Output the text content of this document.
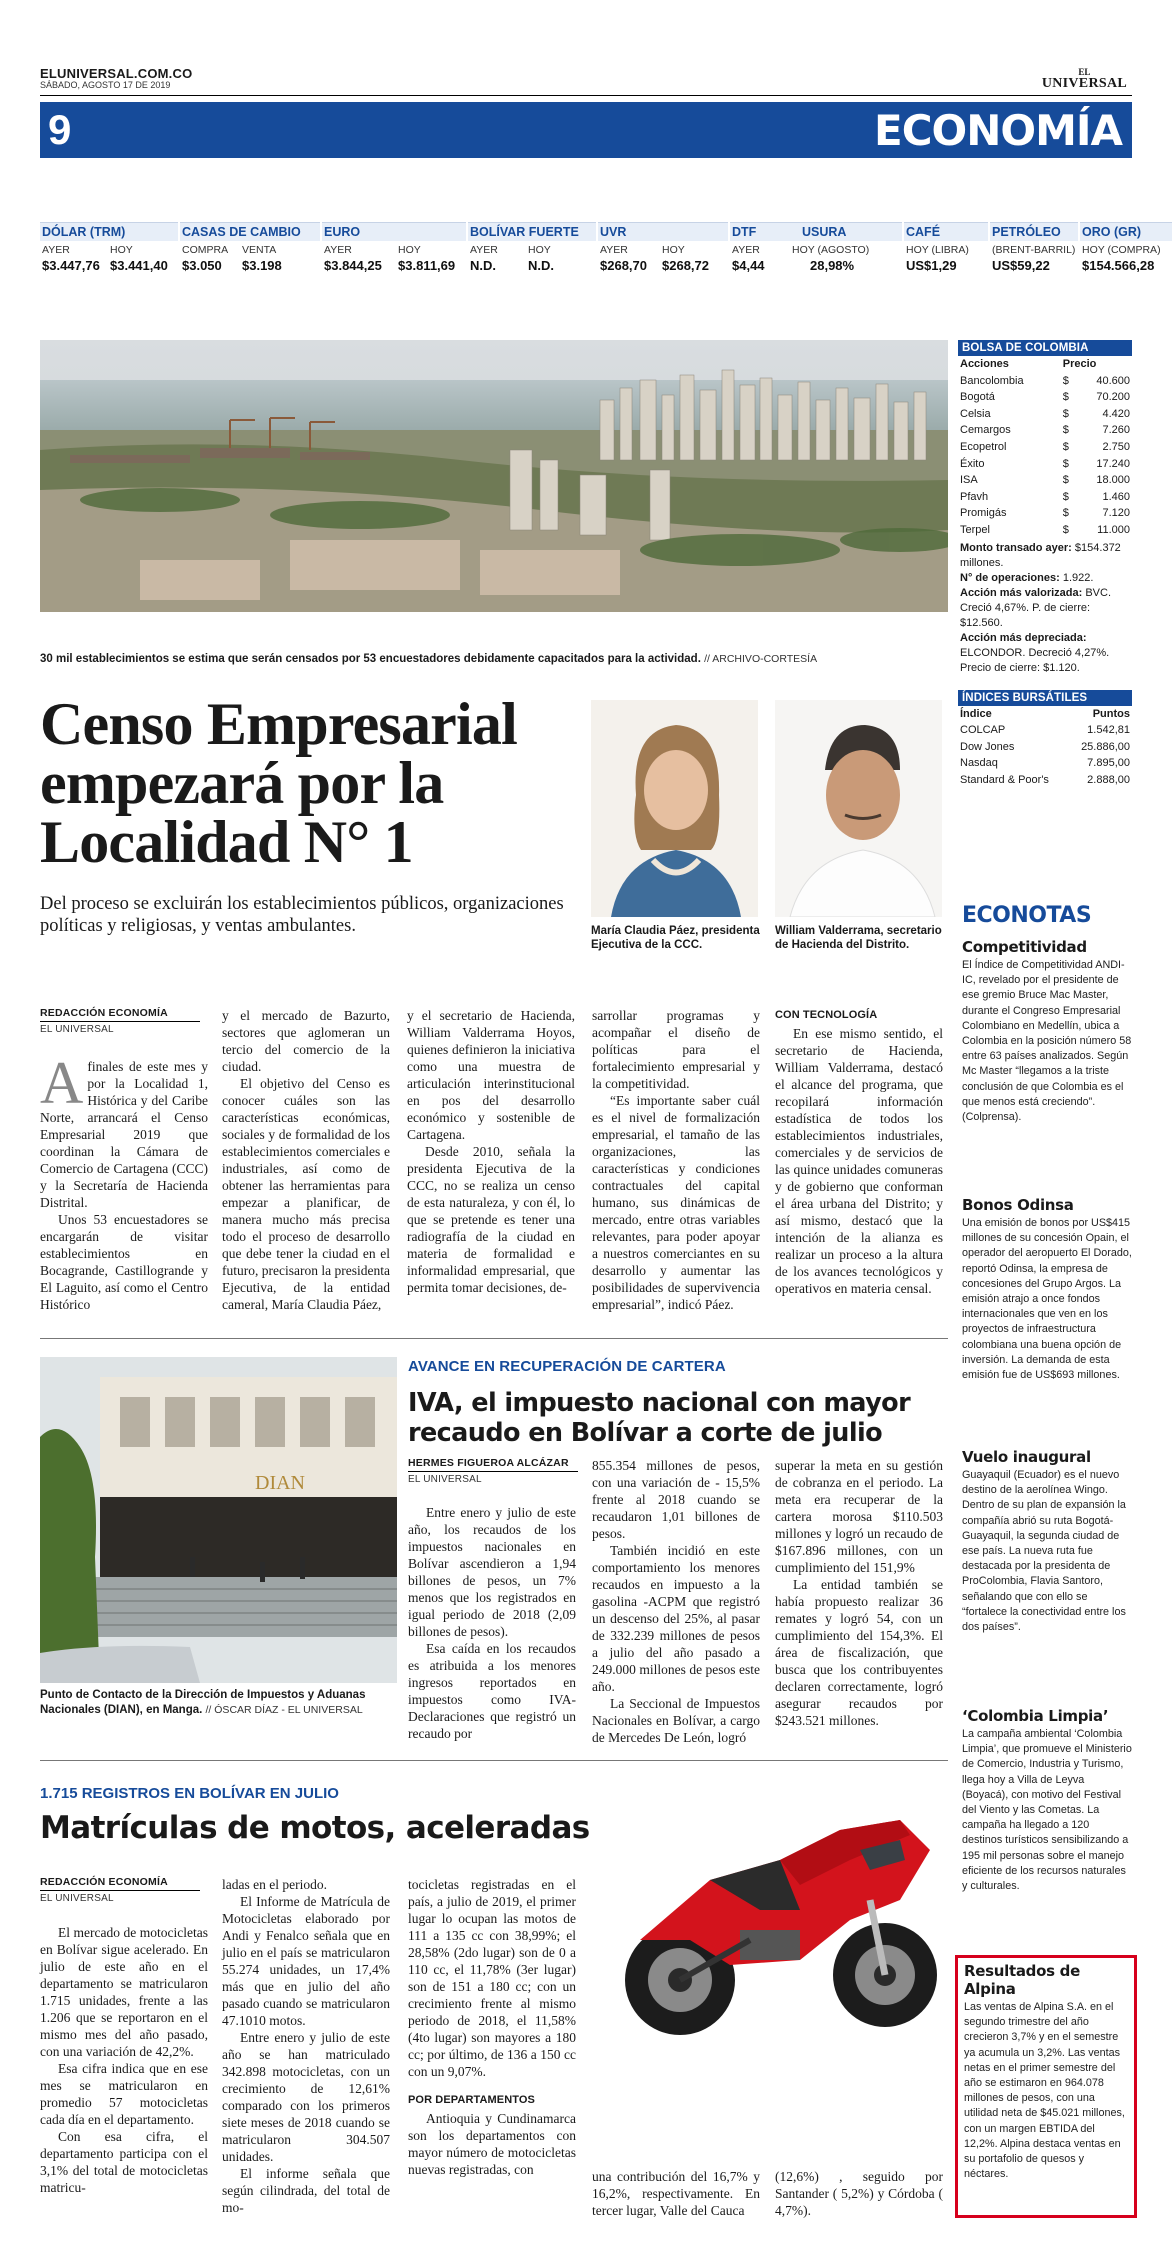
ELUNIVERSAL.COM.CO
SÁBADO, AGOSTO 17 DE 2019
EL
UNIVERSAL
9	ECONOMÍA
DÓLAR (TRM)
AYER	HOY
$3.447,76 $3.441,40
CASAS DE CAMBIO
COMPRA	VENTA
$3.050	$3.198
EURO
AYER	HOY
$3.844,25	$3.811,69
BOLÍVAR FUERTE
AYER	HOY
N.D.	N.D.
UVR
AYER	HOY
$268,70	$268,72
DTF
AYER
$4,44
USURA
HOY (AGOSTO)
28,98%
CAFÉ
HOY (LIBRA)
US$1,29
PETRÓLEO
(BRENT-BARRIL)
US$59,22
ORO (GR)
HOY (COMPRA)
$154.566,28
30 mil establecimientos se estima que serán censados por 53 encuestadores debidamente capacitados para la actividad. // ARCHIVO-CORTESÍA
Censo Empresarial empezará por la Localidad N° 1
Del proceso se excluirán los establecimientos públicos, organizaciones políticas y religiosas, y ventas ambulantes.	María Claudia Páez, presidenta Ejecutiva de la CCC.
William Valderrama, secretario de Hacienda del Distrito.
REDACCIÓN ECONOMÍA
EL UNIVERSAL

Afinales de este mes y por la Localidad 1, Histórica y del Caribe Norte, arrancará el Censo Empresarial 2019 que coordinan la Cámara de Comercio de Cartagena (CCC) y la Secretaría de Hacienda Distrital.

Unos 53 encuestadores se encargarán de visitar establecimientos en Bocagrande, Castillogrande y El Laguito, así como el Centro Histórico

y el mercado de Bazurto, sectores que aglomeran un tercio del comercio de la ciudad.

El objetivo del Censo es conocer cuáles son las características económicas, sociales y de formalidad de los establecimientos comerciales e industriales, así como de obtener las herramientas para empezar a planificar, de manera mucho más precisa todo el proceso de desarrollo que debe tener la ciudad en el futuro, precisaron la presidenta Ejecutiva, de la entidad cameral, María Claudia Páez,

y el secretario de Hacienda, William Valderrama Hoyos, quienes definieron la iniciativa como una muestra de articulación interinstitucional en pos del desarrollo económico y sostenible de Cartagena.

Desde 2010, señala la presidenta Ejecutiva de la CCC, no se realiza un censo de esta naturaleza, y con él, lo que se pretende es tener una radiografía de la ciudad en materia de formalidad e informalidad empresarial, que permita tomar decisiones, de-

sarrollar programas y acompañar el diseño de políticas para el fortalecimiento empresarial y la competitividad.

“Es importante saber cuál es el nivel de formalización empresarial, el tamaño de las organizaciones, las características y condiciones contractuales del capital humano, sus dinámicas de mercado, entre otras variables relevantes, para poder apoyar a nuestros comerciantes en su desarrollo y aumentar las posibilidades de supervivencia empresarial”, indicó Páez.

CON TECNOLOGÍA

En ese mismo sentido, el secretario de Hacienda, William Valderrama, destacó el alcance del programa, que recopilará información estadística de todos los establecimientos industriales, comerciales y de servicios de las quince unidades comuneras y de gobierno que conforman el área urbana del Distrito; y así mismo, destacó que la intención de la alianza es realizar un proceso a la altura de los avances tecnológicos y operativos en materia censal.

DIAN
Punto de Contacto de la Dirección de Impuestos y Aduanas Nacionales (DIAN), en Manga. // ÓSCAR DÍAZ - EL UNIVERSAL
AVANCE EN RECUPERACIÓN DE CARTERA
IVA, el impuesto nacional con mayor recaudo en Bolívar a corte de julio
HERMES FIGUEROA ALCÁZAR
EL UNIVERSAL

Entre enero y julio de este año, los recaudos de los impuestos nacionales en Bolívar ascendieron a 1,94 billones de pesos, un 7% menos que los registrados en igual periodo de 2018 (2,09 billones de pesos).

Esa caída en los recaudos es atribuida a los menores ingresos reportados en impuestos como IVA-Declaraciones que registró un recaudo por

855.354 millones de pesos, con una variación de - 15,5% frente al 2018 cuando se recaudaron 1,01 billones de pesos.

También incidió en este comportamiento los menores recaudos en impuesto a la gasolina -ACPM que registró un descenso del 25%, al pasar de 332.239 millones de pesos a julio del año pasado a 249.000 millones de pesos este año.

La Seccional de Impuestos Nacionales en Bolívar, a cargo de Mercedes De León, logró

superar la meta en su gestión de cobranza en el periodo. La meta era recuperar de la cartera morosa $110.503 millones y logró un recaudo de $167.896 millones, con un cumplimiento del 151,9%

La entidad también se había propuesto realizar 36 remates y logró 54, con un cumplimiento del 154,3%. El área de fiscalización, que busca que los contribuyentes declaren correctamente, logró asegurar recaudos por $243.521 millones.

1.715 REGISTROS EN BOLÍVAR EN JULIO
Matrículas de motos, aceleradas
REDACCIÓN ECONOMÍA
EL UNIVERSAL

El mercado de motocicletas en Bolívar sigue acelerado. En julio de este año en el departamento se matricularon 1.715 unidades, frente a las 1.206 que se reportaron en el mismo mes del año pasado, con una variación de 42,2%.

Esa cifra indica que en ese mes se matricularon en promedio 57 motocicletas cada día en el departamento.

Con esa cifra, el departamento participa con el 3,1% del total de motocicletas matricu-

ladas en el periodo.

El Informe de Matrícula de Motocicletas elaborado por Andi y Fenalco señala que en julio en el país se matricularon 55.274 unidades, un 17,4% más que en julio del año pasado cuando se matricularon 47.1010 motos.

Entre enero y julio de este año se han matriculado 342.898 motocicletas, con un crecimiento de 12,61% comparado con los primeros siete meses de 2018 cuando se matricularon 304.507 unidades.

El informe señala que según cilindrada, del total de mo-

tocicletas registradas en el país, a julio de 2019, el primer lugar lo ocupan las motos de 111 a 135 cc con 38,99%; el 28,58% (2do lugar) son de 0 a 110 cc, el 11,78% (3er lugar) son de 151 a 180 cc; con un crecimiento frente al mismo periodo de 2018, el 11,58% (4to lugar) son mayores a 180 cc; por último, de 136 a 150 cc con un 9,07%.

POR DEPARTAMENTOS

Antioquia y Cundinamarca son los departamentos con mayor número de motocicletas nuevas registradas, con	una contribución del 16,7% y 16,2%, respectivamente. En tercer lugar, Valle del Cauca

(12,6%) , seguido por Santander ( 5,2%) y Córdoba ( 4,7%).

BOLSA DE COLOMBIA
Acciones	Precio	
Bancolombia	$	40.600
Bogotá	$	70.200
Celsia	$	4.420
Cemargos	$	7.260
Ecopetrol	$	2.750
Éxito	$	17.240
ISA	$	18.000
Pfavh	$	1.460
Promigás	$	7.120
Terpel	$	11.000
Monto transado ayer: $154.372 millones.
N° de operaciones: 1.922.
Acción más valorizada: BVC. Creció 4,67%. P. de cierre: $12.560.
Acción más depreciada: ELCONDOR. Decreció 4,27%. Precio de cierre: $1.120.
ÍNDICES BURSÁTILES
Índice	Puntos
COLCAP	1.542,81
Dow Jones	25.886,00
Nasdaq	7.895,00
Standard & Poor's	2.888,00
ECONOTAS
Competitividad
El Índice de Competitividad ANDI-IC, revelado por el presidente de ese gremio Bruce Mac Master, durante el Congreso Empresarial Colombiano en Medellín, ubica a Colombia en la posición número 58 entre 63 países analizados. Según Mc Master “llegamos a la triste conclusión de que Colombia es el que menos está creciendo”. (Colprensa).
Bonos Odinsa
Una emisión de bonos por US$415 millones de su concesión Opain, el operador del aeropuerto El Dorado, reportó Odinsa, la empresa de concesiones del Grupo Argos. La emisión atrajo a once fondos internacionales que ven en los proyectos de infraestructura colombiana una buena opción de inversión. La demanda de esta emisión fue de US$693 millones.
Vuelo inaugural
Guayaquil (Ecuador) es el nuevo destino de la aerolínea Wingo. Dentro de su plan de expansión la compañía abrió su ruta Bogotá-Guayaquil, la segunda ciudad de ese país. La nueva ruta fue destacada por la presidenta de ProColombia, Flavia Santoro, señalando que con ello se “fortalece la conectividad entre los dos países”.
‘Colombia Limpia’
La campaña ambiental ‘Colombia Limpia’, que promueve el Ministerio de Comercio, Industria y Turismo, llega hoy a Villa de Leyva (Boyacá), con motivo del Festival del Viento y las Cometas. La campaña ha llegado a 120 destinos turísticos sensibilizando a 195 mil personas sobre el manejo eficiente de los recursos naturales y culturales.
Resultados de Alpina
Las ventas de Alpina S.A. en el segundo trimestre del año crecieron 3,7% y en el semestre ya acumula un 3,2%. Las ventas netas en el primer semestre del año se estimaron en 964.078 millones de pesos, con una utilidad neta de $45.021 millones, con un margen EBTIDA del 12,2%. Alpina destaca ventas en su portafolio de quesos y néctares.
